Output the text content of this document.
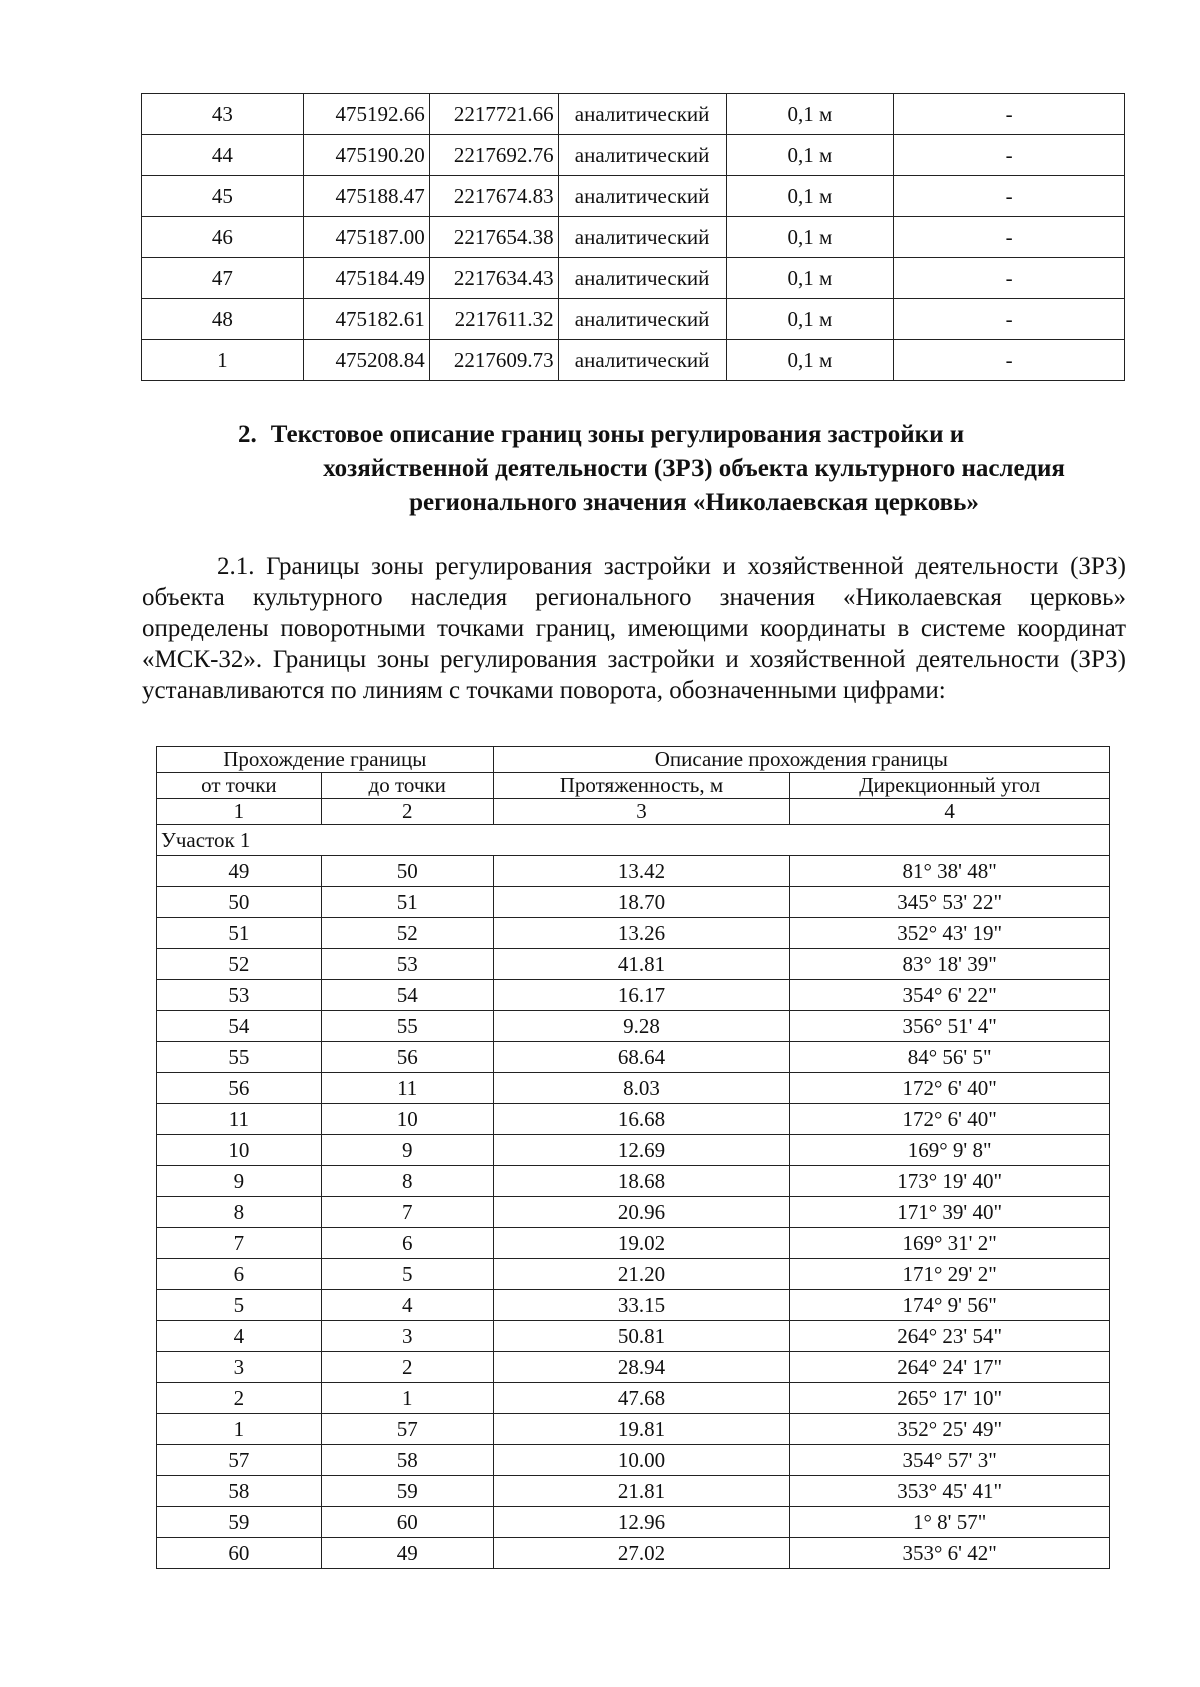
43	475192.66	2217721.66	аналитический	0,1 м	-
44	475190.20	2217692.76	аналитический	0,1 м	-
45	475188.47	2217674.83	аналитический	0,1 м	-
46	475187.00	2217654.38	аналитический	0,1 м	-
47	475184.49	2217634.43	аналитический	0,1 м	-
48	475182.61	2217611.32	аналитический	0,1 м	-
1	475208.84	2217609.73	аналитический	0,1 м	-
2. Текстовое описание границ зоны регулирования застройки и
хозяйственной деятельности (ЗРЗ) объекта культурного наследия
регионального значения «Николаевская церковь»

2.1. Границы зоны регулирования застройки и хозяйственной деятельности (ЗРЗ) объекта культурного наследия регионального значения «Николаевская церковь» определены поворотными точками границ, имеющими координаты в системе координат «МСК-32». Границы зоны регулирования застройки и хозяйственной деятельности (ЗРЗ) устанавливаются по линиям с точками поворота, обозначенными цифрами:

Прохождение границы		Описание прохождения границы	
от точки	до точки	Протяженность, м	Дирекционный угол
1	2	3	4
Участок 1			
49	50	13.42	81° 38' 48"
50	51	18.70	345° 53' 22"
51	52	13.26	352° 43' 19"
52	53	41.81	83° 18' 39"
53	54	16.17	354° 6' 22"
54	55	9.28	356° 51' 4"
55	56	68.64	84° 56' 5"
56	11	8.03	172° 6' 40"
11	10	16.68	172° 6' 40"
10	9	12.69	169° 9' 8"
9	8	18.68	173° 19' 40"
8	7	20.96	171° 39' 40"
7	6	19.02	169° 31' 2"
6	5	21.20	171° 29' 2"
5	4	33.15	174° 9' 56"
4	3	50.81	264° 23' 54"
3	2	28.94	264° 24' 17"
2	1	47.68	265° 17' 10"
1	57	19.81	352° 25' 49"
57	58	10.00	354° 57' 3"
58	59	21.81	353° 45' 41"
59	60	12.96	1° 8' 57"
60	49	27.02	353° 6' 42"
